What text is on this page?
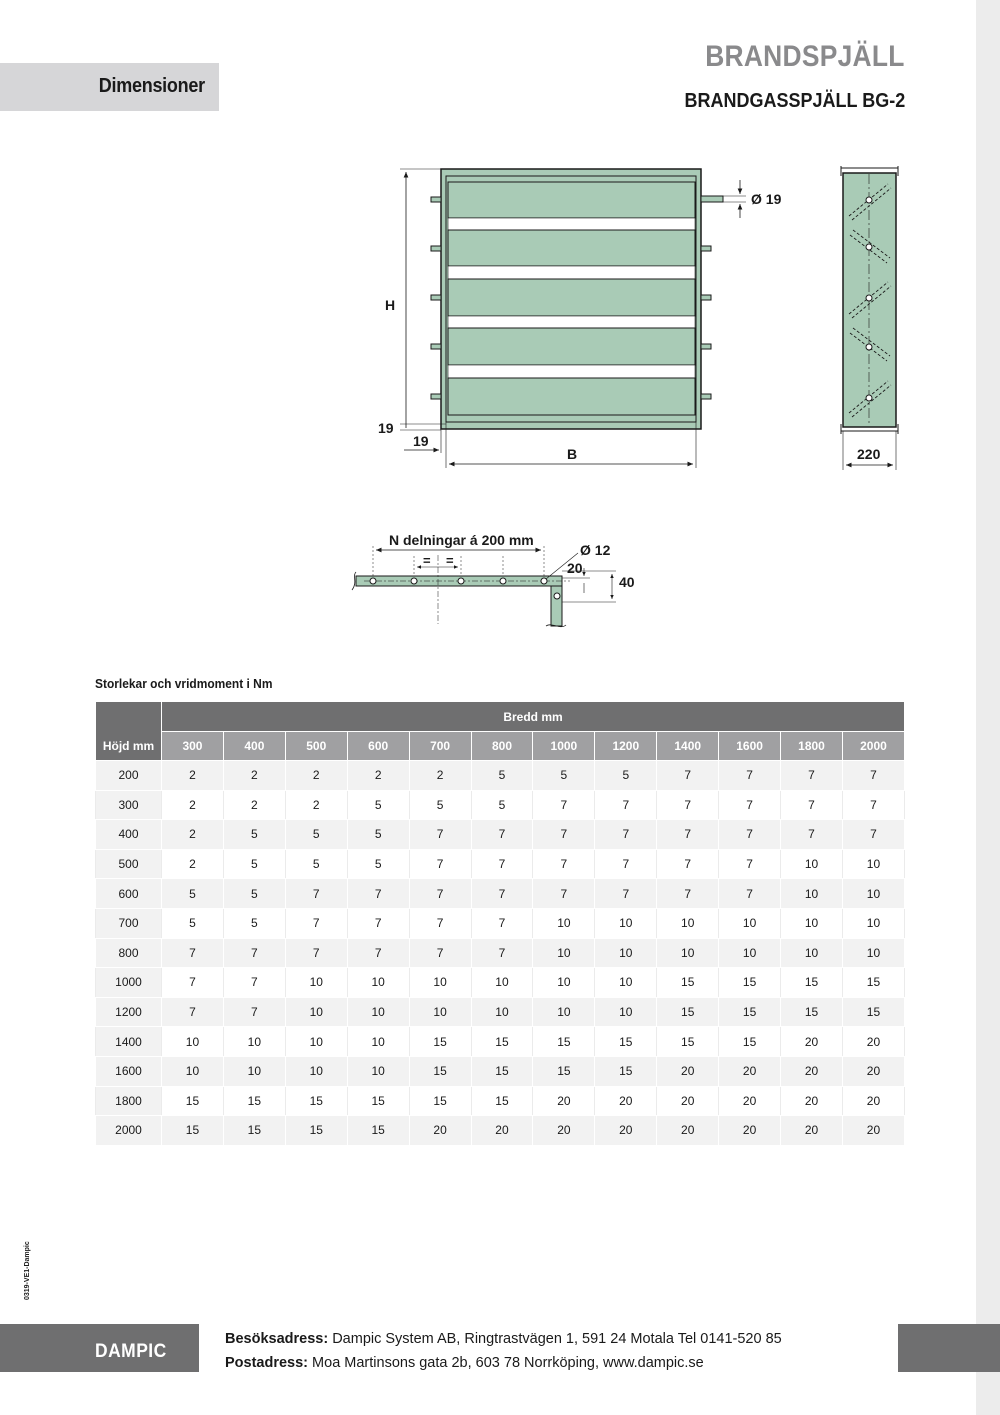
Dimensioner
BRANDSPJÄLL
BRANDGASSPJÄLL BG-2
H
19
19
B
Ø 19
220
N delningar á 200 mm
= =
Ø 12
20
40
Storlekar och vridmoment i Nm
Höjd mm	Bredd mm											
	300	400	500	600	700	800	1000	1200	1400	1600	1800	2000
200	2	2	2	2	2	5	5	5	7	7	7	7
300	2	2	2	5	5	5	7	7	7	7	7	7
400	2	5	5	5	7	7	7	7	7	7	7	7
500	2	5	5	5	7	7	7	7	7	7	10	10
600	5	5	7	7	7	7	7	7	7	7	10	10
700	5	5	7	7	7	7	10	10	10	10	10	10
800	7	7	7	7	7	7	10	10	10	10	10	10
1000	7	7	10	10	10	10	10	10	15	15	15	15
1200	7	7	10	10	10	10	10	10	15	15	15	15
1400	10	10	10	10	15	15	15	15	15	15	20	20
1600	10	10	10	10	15	15	15	15	20	20	20	20
1800	15	15	15	15	15	15	20	20	20	20	20	20
2000	15	15	15	15	20	20	20	20	20	20	20	20
0319-VE1-Dampic
DAMPIC
Besöksadress: Dampic System AB, Ringtrastvägen 1, 591 24 Motala Tel 0141-520 85
Postadress: Moa Martinsons gata 2b, 603 78 Norrköping, www.dampic.se
